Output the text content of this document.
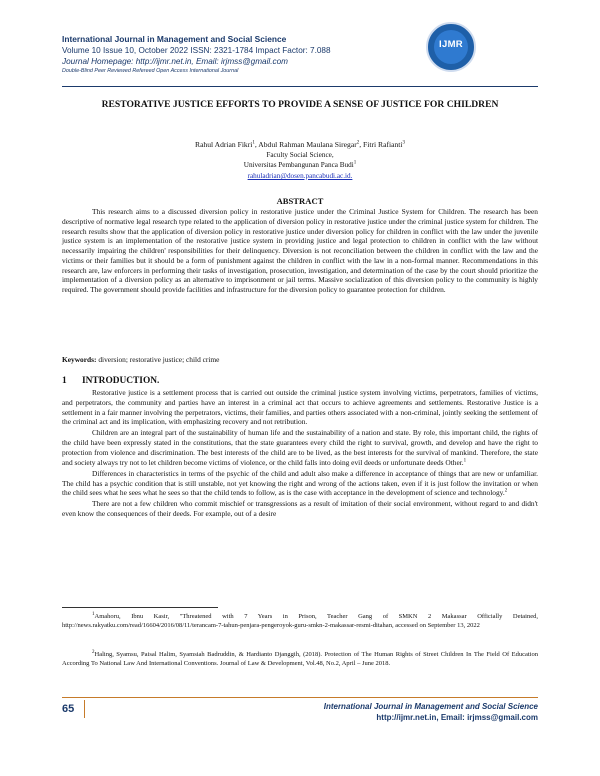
International Journal in Management and Social Science
Volume 10 Issue 10, October 2022 ISSN: 2321-1784 Impact Factor: 7.088
Journal Homepage: http://ijmr.net.in, Email: irjmss@gmail.com
Double-Blind Peer Reviewed Refereed Open Access International Journal
IJMR
RESTORATIVE JUSTICE EFFORTS TO PROVIDE A SENSE OF JUSTICE FOR CHILDREN
Rahul Adrian Fikri$^1$, Abdul Rahman Maulana Siregar$^2$, Fitri Rafianti$^3$
Faculty Social Science,
Universitas Pembangunan Panca Budi$^1$
rahuladrian@dosen.pancabudi.ac.id.
ABSTRACT

This research aims to a discussed diversion policy in restorative justice under the Criminal Justice System for Children. The research has been descriptive of normative legal research type related to the application of diversion policy in restorative justice under the criminal justice system for children. The research results show that the application of diversion policy in restorative justice under diversion policy for children in conflict with the law under the juvenile justice system is an implementation of the restorative justice system in providing justice and legal protection to children in conflict with the law without necessarily impairing the children' responsibilities for their delinquency. Diversion is not reconciliation between the children in conflict with the law and the victims or their families but it should be a form of punishment against the children in conflict with the law in a non-formal manner. Recommendations in this research are, law enforcers in performing their tasks of investigation, prosecution, investigation, and determination of the case by the court should prioritize the implementation of a diversion policy as an alternative to imprisonment or jail terms. Massive socialization of this diversion policy to the community is highly required. The government should provide facilities and infrastructure for the diversion policy to guarantee protection for children.

Keywords: diversion; restorative justice; child crime
1 INTRODUCTION.

Restorative justice is a settlement process that is carried out outside the criminal justice system involving victims, perpetrators, families of victims, and perpetrators, the community and parties have an interest in a criminal act that occurs to achieve agreements and settlements. Restorative Justice is a settlement in a fair manner involving the perpetrators, victims, their families, and parties others associated with a non-criminal, jointly seeking the settlement of the criminal act and its implication, with emphasizing recovery and not retribution.

Children are an integral part of the sustainability of human life and the sustainability of a nation and state. By role, this important child, the rights of the child have been expressly stated in the constitutions, that the state guarantees every child the right to survival, growth, and develop and have the right to protection from violence and discrimination. The best interests of the child are to be lived, as the best interests for the survival of mankind. Therefore, the state and society always try not to let children become victims of violence, or the child falls into doing evil deeds or unfortunate deeds Other.$^1$

Differences in characteristics in terms of the psychic of the child and adult also make a difference in acceptance of things that are new or unfamiliar. The child has a psychic condition that is still unstable, not yet knowing the right and wrong of the actions taken, even if it is just follow the invitation or when the child sees what he sees what he sees so that the child tends to follow, as is the case with acceptance in the development of science and technology.$^2$

There are not a few children who commit mischief or transgressions as a result of imitation of their social environment, without regard to and didn't even know the consequences of their deeds. For example, out of a desire

$^1$Amahoru, Ibnu Kasir, "Threatened with 7 Years in Prison, Teacher Gang of SMKN 2 Makassar Officially Detained, http://news.rakyatku.com/read/16604/2016/08/11/terancam-7-tahun-penjara-pengeroyok-guru-smkn-2-makassar-resmi-ditahan, accessed on September 13, 2022

$^2$Haling, Syamsu, Paisal Halim, Syamsiah Badruddin, & Hardianto Djanggih, (2018). Protection of The Human Rights of Street Children In The Field Of Education According To National Law And International Conventions. Journal of Law & Development, Vol.48, No.2, April – June 2018.

65	International Journal in Management and Social Science
http://ijmr.net.in, Email: irjmss@gmail.com
